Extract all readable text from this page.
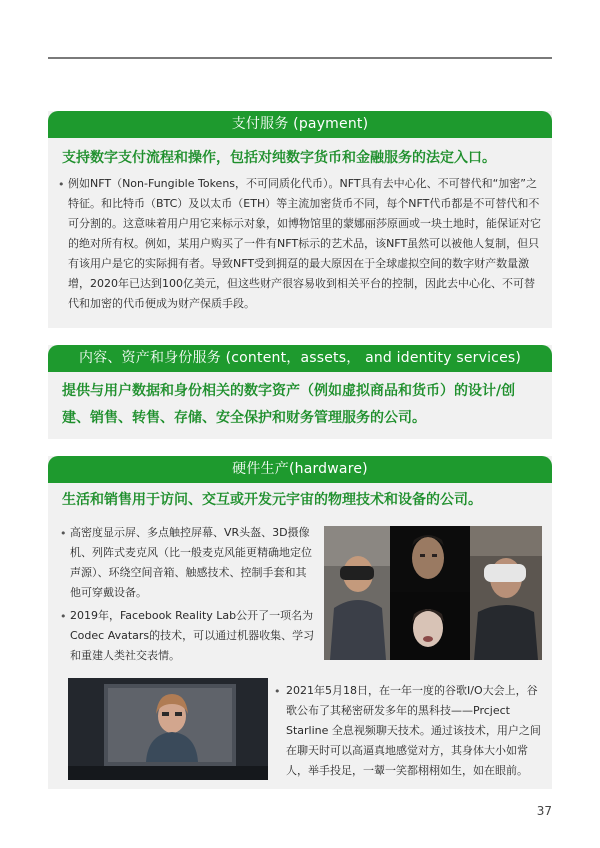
支付服务 (payment)
支持数字支付流程和操作，包括对纯数字货币和金融服务的法定入口。
• 例如NFT（Non-Fungible Tokens，不可同质化代币）。NFT具有去中心化、不可替代和“加密”之特征。和比特币（BTC）及以太币（ETH）等主流加密货币不同，每个NFT代币都是不可替代和不可分割的。这意味着用户用它来标示对象，如博物馆里的蒙娜丽莎原画或一块土地时，能保证对它的绝对所有权。例如，某用户购买了一件有NFT标示的艺术品，该NFT虽然可以被他人复制，但只有该用户是它的实际拥有者。导致NFT受到拥趸的最大原因在于全球虚拟空间的数字财产数量激增，2020年已达到100亿美元，但这些财产很容易收到相关平台的控制，因此去中心化、不可替代和加密的代币便成为财产保质手段。
内容、资产和身份服务 (content，assets， and identity services)
提供与用户数据和身份相关的数字资产（例如虚拟商品和货币）的设计/创建、销售、转售、存储、安全保护和财务管理服务的公司。
硬件生产(hardware)
生活和销售用于访问、交互或开发元宇宙的物理技术和设备的公司。
• 高密度显示屏、多点触控屏幕、VR头盔、3D摄像机、列阵式麦克风（比一般麦克风能更精确地定位声源）、环绕空间音箱、触感技术、控制手套和其他可穿戴设备。
• 2019年，Facebook Reality Lab公开了一项名为Codec Avatars的技术，可以通过机器收集、学习和重建人类社交表情。
• 2021年5月18日，在一年一度的谷歌I/O大会上，谷歌公布了其秘密研发多年的黑科技——Prcject Starline 全息视频聊天技术。通过该技术，用户之间在聊天时可以高逼真地感觉对方，其身体大小如常人，举手投足，一颦一笑都栩栩如生，如在眼前。
37
